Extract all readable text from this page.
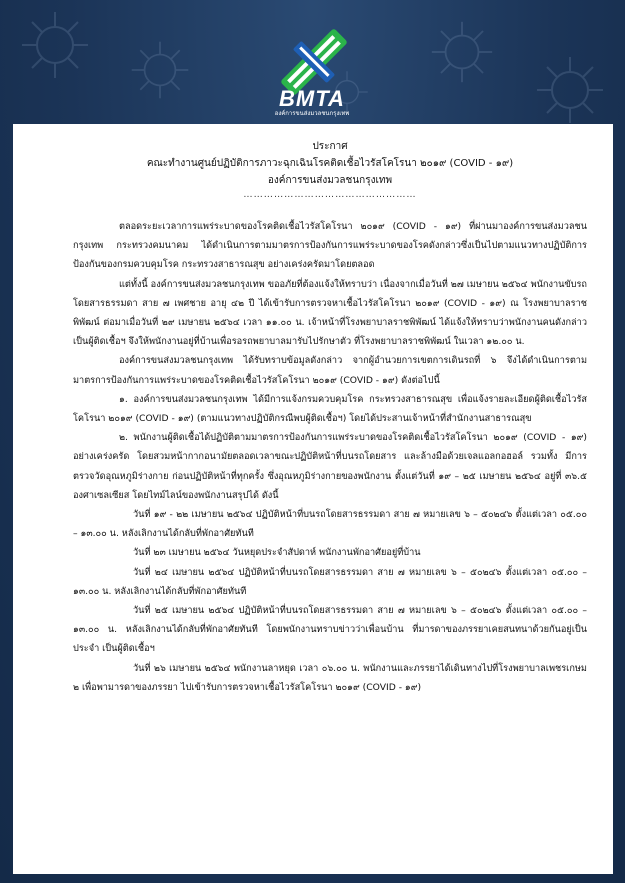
BMTA
องค์การขนส่งมวลชนกรุงเทพ
ประกาศ
คณะทำงานศูนย์ปฏิบัติการภาวะฉุกเฉินโรคติดเชื้อไวรัสโคโรนา ๒๐๑๙ (COVID - ๑๙)
องค์การขนส่งมวลชนกรุงเทพ
……………………………………………
ตลอดระยะเวลาการแพร่ระบาดของโรคติดเชื้อไวรัสโคโรนา ๒๐๑๙ (COVID - ๑๙) ที่ผ่านมาองค์การขนส่งมวลชนกรุงเทพ กระทรวงคมนาคม ได้ดำเนินการตามมาตรการป้องกันการแพร่ระบาดของโรคดังกล่าวซึ่งเป็นไปตามแนวทางปฏิบัติการป้องกันของกรมควบคุมโรค กระทรวงสาธารณสุข อย่างเคร่งครัดมาโดยตลอด
แต่ทั้งนี้ องค์การขนส่งมวลชนกรุงเทพ ขออภัยที่ต้องแจ้งให้ทราบว่า เนื่องจากเมื่อวันที่ ๒๗ เมษายน ๒๕๖๔ พนักงานขับรถโดยสารธรรมดา สาย ๗ เพศชาย อายุ ๔๒ ปี ได้เข้ารับการตรวจหาเชื้อไวรัสโคโรนา ๒๐๑๙ (COVID - ๑๙) ณ โรงพยาบาลราชพิพัฒน์ ต่อมาเมื่อวันที่ ๒๙ เมษายน ๒๕๖๔ เวลา ๑๑.๐๐ น. เจ้าหน้าที่โรงพยาบาลราชพิพัฒน์ ได้แจ้งให้ทราบว่าพนักงานคนดังกล่าวเป็นผู้ติดเชื้อฯ จึงให้พนักงานอยู่ที่บ้านเพื่อรอรถพยาบาลมารับไปรักษาตัว ที่โรงพยาบาลราชพิพัฒน์ ในเวลา ๑๒.๐๐ น.
องค์การขนส่งมวลชนกรุงเทพ ได้รับทราบข้อมูลดังกล่าว จากผู้อำนวยการเขตการเดินรถที่ ๖ จึงได้ดำเนินการตามมาตรการป้องกันการแพร่ระบาดของโรคติดเชื้อไวรัสโคโรนา ๒๐๑๙ (COVID - ๑๙) ดังต่อไปนี้
๑. องค์การขนส่งมวลชนกรุงเทพ ได้มีการแจ้งกรมควบคุมโรค กระทรวงสาธารณสุข เพื่อแจ้งรายละเอียดผู้ติดเชื้อไวรัสโคโรนา ๒๐๑๙ (COVID - ๑๙) (ตามแนวทางปฏิบัติกรณีพบผู้ติดเชื้อฯ) โดยได้ประสานเจ้าหน้าที่สำนักงานสาธารณสุข
๒. พนักงานผู้ติดเชื้อได้ปฏิบัติตามมาตรการป้องกันการแพร่ระบาดของโรคติดเชื้อไวรัสโคโรนา ๒๐๑๙ (COVID - ๑๙) อย่างเคร่งครัด โดยสวมหน้ากากอนามัยตลอดเวลาขณะปฏิบัติหน้าที่บนรถโดยสาร และล้างมือด้วยเจลแอลกอฮอล์ รวมทั้ง มีการตรวจวัดอุณหภูมิร่างกาย ก่อนปฏิบัติหน้าที่ทุกครั้ง ซึ่งอุณหภูมิร่างกายของพนักงาน ตั้งแต่วันที่ ๑๙ – ๒๕ เมษายน ๒๕๖๔ อยู่ที่ ๓๖.๕ องศาเซลเซียส โดยไทม์ไลน์ของพนักงานสรุปได้ ดังนี้
วันที่ ๑๙ - ๒๒ เมษายน ๒๕๖๔ ปฏิบัติหน้าที่บนรถโดยสารธรรมดา สาย ๗ หมายเลข ๖ – ๕๐๒๔๖ ตั้งแต่เวลา ๐๕.๐๐ – ๑๓.๐๐ น. หลังเลิกงานได้กลับที่พักอาศัยทันที
วันที่ ๒๓ เมษายน ๒๕๖๔ วันหยุดประจำสัปดาห์ พนักงานพักอาศัยอยู่ที่บ้าน
วันที่ ๒๔ เมษายน ๒๕๖๔ ปฏิบัติหน้าที่บนรถโดยสารธรรมดา สาย ๗ หมายเลข ๖ – ๕๐๒๔๖ ตั้งแต่เวลา ๐๕.๐๐ – ๑๓.๐๐ น. หลังเลิกงานได้กลับที่พักอาศัยทันที
วันที่ ๒๕ เมษายน ๒๕๖๔ ปฏิบัติหน้าที่บนรถโดยสารธรรมดา สาย ๗ หมายเลข ๖ – ๕๐๒๔๖ ตั้งแต่เวลา ๐๕.๐๐ – ๑๓.๐๐ น. หลังเลิกงานได้กลับที่พักอาศัยทันที โดยพนักงานทราบข่าวว่าเพื่อนบ้าน ที่มารดาของภรรยาเคยสนทนาด้วยกันอยู่เป็นประจำ เป็นผู้ติดเชื้อฯ
วันที่ ๒๖ เมษายน ๒๕๖๔ พนักงานลาหยุด เวลา ๐๖.๐๐ น. พนักงานและภรรยาได้เดินทางไปที่โรงพยาบาลเพชรเกษม ๒ เพื่อพามารดาของภรรยา ไปเข้ารับการตรวจหาเชื้อไวรัสโคโรนา ๒๐๑๙ (COVID - ๑๙)
